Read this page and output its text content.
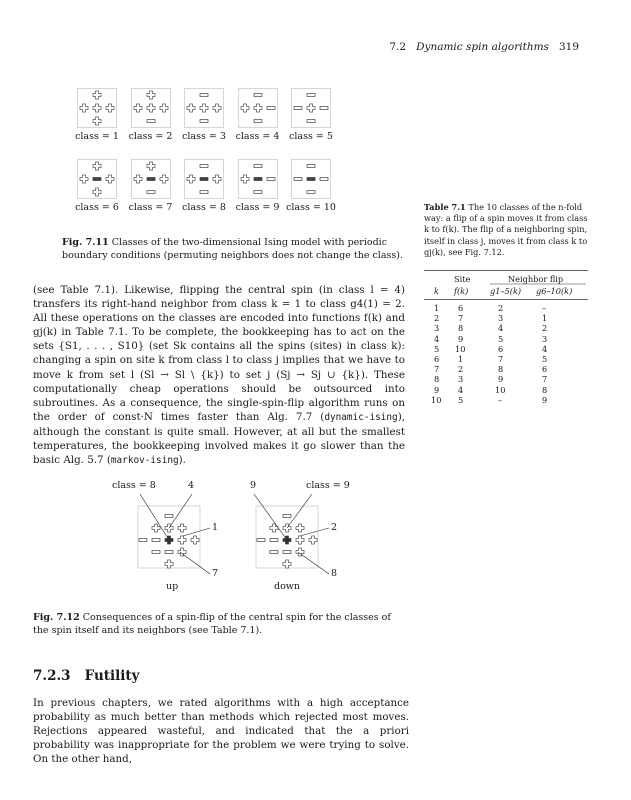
7.2 Dynamic spin algorithms 319
class = 1	class = 2	class = 3	class = 4	class = 5
class = 6	class = 7	class = 8	class = 9 class = 10
Fig. 7.11 Classes of the two-dimensional Ising model with periodic boundary conditions (permuting neighbors does not change the class).
Table 7.1 The 10 classes of the n-fold way: a flip of a spin moves it from class k to f(k). The flip of a neighboring spin, itself in class j, moves it from class k to gj(k), see Fig. 7.12.
Site	Neighbor flip
k f(k)	g1–5(k) g6–10(k)
1 6	2	–
2 7	3	1
3 8	4	2
4 9	5	3
5 10	6	4
6 1	7	5
7 2	8	6
8 3	9	7
9 4	10	8
10 5	–	9
(see Table 7.1). Likewise, flipping the central spin (in class l = 4) transfers its right-hand neighbor from class k = 1 to class g4(1) = 2. All these operations on the classes are encoded into functions f(k) and gj(k) in Table 7.1. To be complete, the bookkeeping has to act on the sets {S1, . . . , S10} (set Sk contains all the spins (sites) in class k): changing a spin on site k from class l to class j implies that we have to move k from set l (Sl → Sl \ {k}) to set j (Sj → Sj ∪ {k}). These computationally cheap operations should be outsourced into subroutines. As a consequence, the single-spin-flip algorithm runs on the order of const·N times faster than Alg. 7.7 (dynamic-ising), although the constant is quite small. However, at all but the smallest temperatures, the bookkeeping involved makes it go slower than the basic Alg. 5.7 (markov-ising).
class = 8	4
1
7
up
9	class = 9
2
8
down
Fig. 7.12 Consequences of a spin-flip of the central spin for the classes of the spin itself and its neighbors (see Table 7.1).
7.2.3 Futility
In previous chapters, we rated algorithms with a high acceptance probability as much better than methods which rejected most moves. Rejections appeared wasteful, and indicated that the a priori probability was inappropriate for the problem we were trying to solve. On the other hand,
